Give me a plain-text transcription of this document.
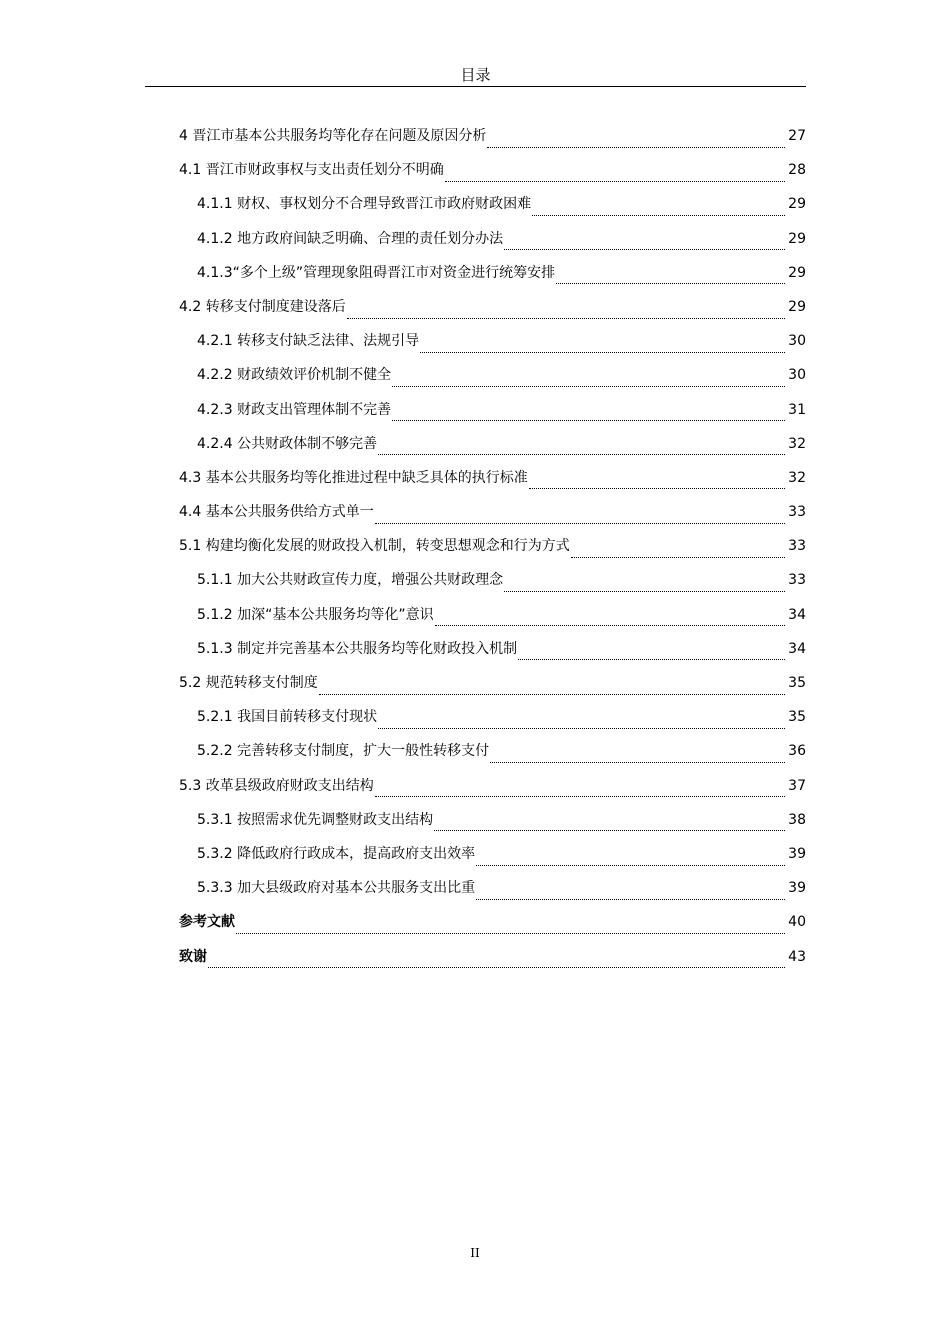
目录
4 晋江市基本公共服务均等化存在问题及原因分析	27
4.1 晋江市财政事权与支出责任划分不明确	28
4.1.1 财权、事权划分不合理导致晋江市政府财政困难	29
4.1.2 地方政府间缺乏明确、合理的责任划分办法	29
4.1.3“多个上级”管理现象阻碍晋江市对资金进行统筹安排	29
4.2 转移支付制度建设落后	29
4.2.1 转移支付缺乏法律、法规引导	30
4.2.2 财政绩效评价机制不健全	30
4.2.3 财政支出管理体制不完善	31
4.2.4 公共财政体制不够完善	32
4.3 基本公共服务均等化推进过程中缺乏具体的执行标准	32
4.4 基本公共服务供给方式单一	33
5.1 构建均衡化发展的财政投入机制，转变思想观念和行为方式	33
5.1.1 加大公共财政宣传力度，增强公共财政理念	33
5.1.2 加深“基本公共服务均等化”意识	34
5.1.3 制定并完善基本公共服务均等化财政投入机制	34
5.2 规范转移支付制度	35
5.2.1 我国目前转移支付现状	35
5.2.2 完善转移支付制度，扩大一般性转移支付	36
5.3 改革县级政府财政支出结构	37
5.3.1 按照需求优先调整财政支出结构	38
5.3.2 降低政府行政成本，提高政府支出效率	39
5.3.3 加大县级政府对基本公共服务支出比重	39
参考文献	40
致谢	43
II
